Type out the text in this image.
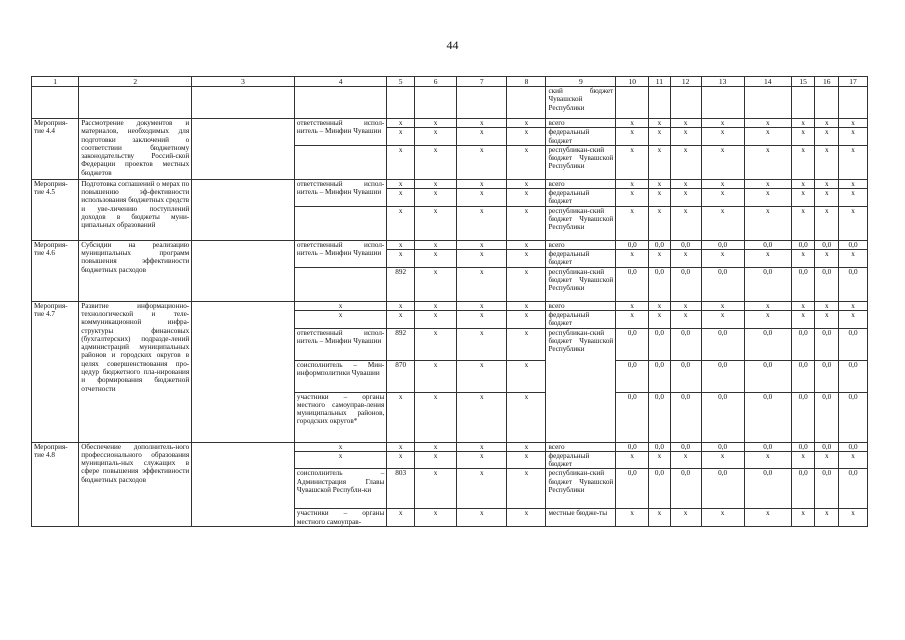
44
1	2	3	4	5	6	7	8	9	10	11	12	13	14	15	16	17
								ский бюджет Чувашской Республики								
Мероприя-тие 4.4	Рассмотрение документов и материалов, необходимых для подготовки заключений о соответствии бюджетному законодательству Россий-ской Федерации проектов местных бюджетов		ответственный испол-нитель – Минфин Чувашии	x	x	x	x	всего	x	x	x	x	x	x	x	x
				x	x	x	x	федеральный бюджет	x	x	x	x	x	x	x	x
				x	x	x	x	республикан-ский бюджет Чувашской Республики	x	x	x	x	x	x	x	x
Мероприя-тие 4.5	Подготовка соглашений о мерах по повышению эф-фективности использования бюджетных средств и уве-личению поступлений доходов в бюджеты муни-ципальных образований		ответственный испол-нитель – Минфин Чувашии	x	x	x	x	всего	x	x	x	x	x	x	x	x
				x	x	x	x	федеральный бюджет	x	x	x	x	x	x	x	x
				x	x	x	x	республикан-ский бюджет Чувашской Республики	x	x	x	x	x	x	x	x
Мероприя-тие 4.6	Субсидии на реализацию муниципальных программ повышения эффективности бюджетных расходов		ответственный испол-нитель – Минфин Чувашии	x	x	x	x	всего	0,0	0,0	0,0	0,0	0,0	0,0	0,0	0,0
				x	x	x	x	федеральный бюджет	x	x	x	x	x	x	x	x
				892	x	x	x	республикан-ский бюджет Чувашской Республики	0,0	0,0	0,0	0,0	0,0	0,0	0,0	0,0
Мероприя-тие 4.7	Развитие информационно-технологической и теле-коммуникационной инфра-структуры финансовых (бухгалтерских) подразде-лений администраций муниципальных районов и городских округов в целях совершенствования про-цедур бюджетного пла-нирования и формирования бюджетной отчетности		x	x	x	x	x	всего	x	x	x	x	x	x	x	x
			x	x	x	x	x	федеральный бюджет	x	x	x	x	x	x	x	x
			ответственный испол-нитель – Минфин Чувашии	892	x	x	x	республикан-ский бюджет Чувашской Республики	0,0	0,0	0,0	0,0	0,0	0,0	0,0	0,0
			соисполнитель – Мин-информполитики Чувашии	870	x	x	x		0,0	0,0	0,0	0,0	0,0	0,0	0,0	0,0
			участники – органы местного самоуправ-ления муниципальных районов, городских округов*	x	x	x	x		0,0	0,0	0,0	0,0	0,0	0,0	0,0	0,0
Мероприя-тие 4.8	Обеспечение дополнитель-ного профессионального образования муниципаль-ных служащих в сфере повышения эффективности бюджетных расходов		x	x	x	x	x	всего	0,0	0,0	0,0	0,0	0,0	0,0	0,0	0,0
			x	x	x	x	x	федеральный бюджет	x	x	x	x	x	x	x	x
			соисполнитель – Администрация Главы Чувашской Республи-ки	803	x	x	x	республикан-ский бюджет Чувашской Республики	0,0	0,0	0,0	0,0	0,0	0,0	0,0	0,0
			участники – органы местного самоуправ-	x	x	x	x	местные бюдже-ты	x	x	x	x	x	x	x	x
